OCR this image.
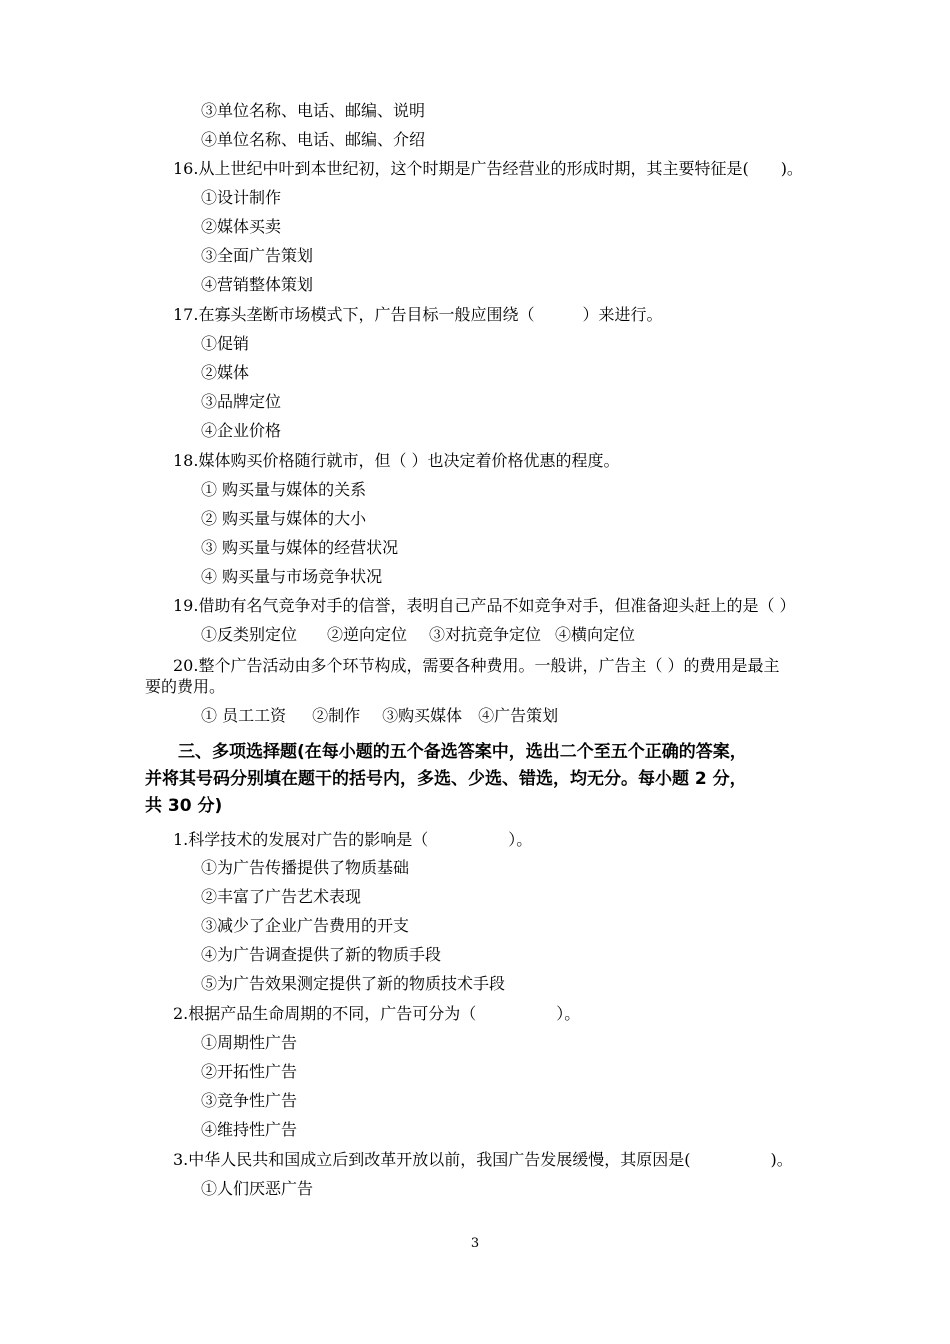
③单位名称、电话、邮编、说明
④单位名称、电话、邮编、介绍
16.从上世纪中叶到本世纪初，这个时期是广告经营业的形成时期，其主要特征是(　　)。
①设计制作
②媒体买卖
③全面广告策划
④营销整体策划
17.在寡头垄断市场模式下，广告目标一般应围绕（　　　）来进行。
①促销
②媒体
③品牌定位
④企业价格
18.媒体购买价格随行就市，但（ ）也决定着价格优惠的程度。
① 购买量与媒体的关系
② 购买量与媒体的大小
③ 购买量与媒体的经营状况
④ 购买量与市场竞争状况
19.借助有名气竞争对手的信誉，表明自己产品不如竞争对手，但准备迎头赶上的是（ ）
①反类别定位 ②逆向定位 ③对抗竞争定位 ④横向定位
20.整个广告活动由多个环节构成，需要各种费用。一般讲，广告主（ ）的费用是最主
要的费用。
① 员工工资 ②制作 ③购买媒体 ④广告策划
三、多项选择题(在每小题的五个备选答案中，选出二个至五个正确的答案，
并将其号码分别填在题干的括号内，多选、少选、错选，均无分。每小题 2 分，
共 30 分)
1.科学技术的发展对广告的影响是（　　　　　）。
①为广告传播提供了物质基础
②丰富了广告艺术表现
③减少了企业广告费用的开支
④为广告调查提供了新的物质手段
⑤为广告效果测定提供了新的物质技术手段
2.根据产品生命周期的不同，广告可分为（　　　　　）。
①周期性广告
②开拓性广告
③竞争性广告
④维持性广告
3.中华人民共和国成立后到改革开放以前，我国广告发展缓慢，其原因是(　　　　　)。
①人们厌恶广告
3
